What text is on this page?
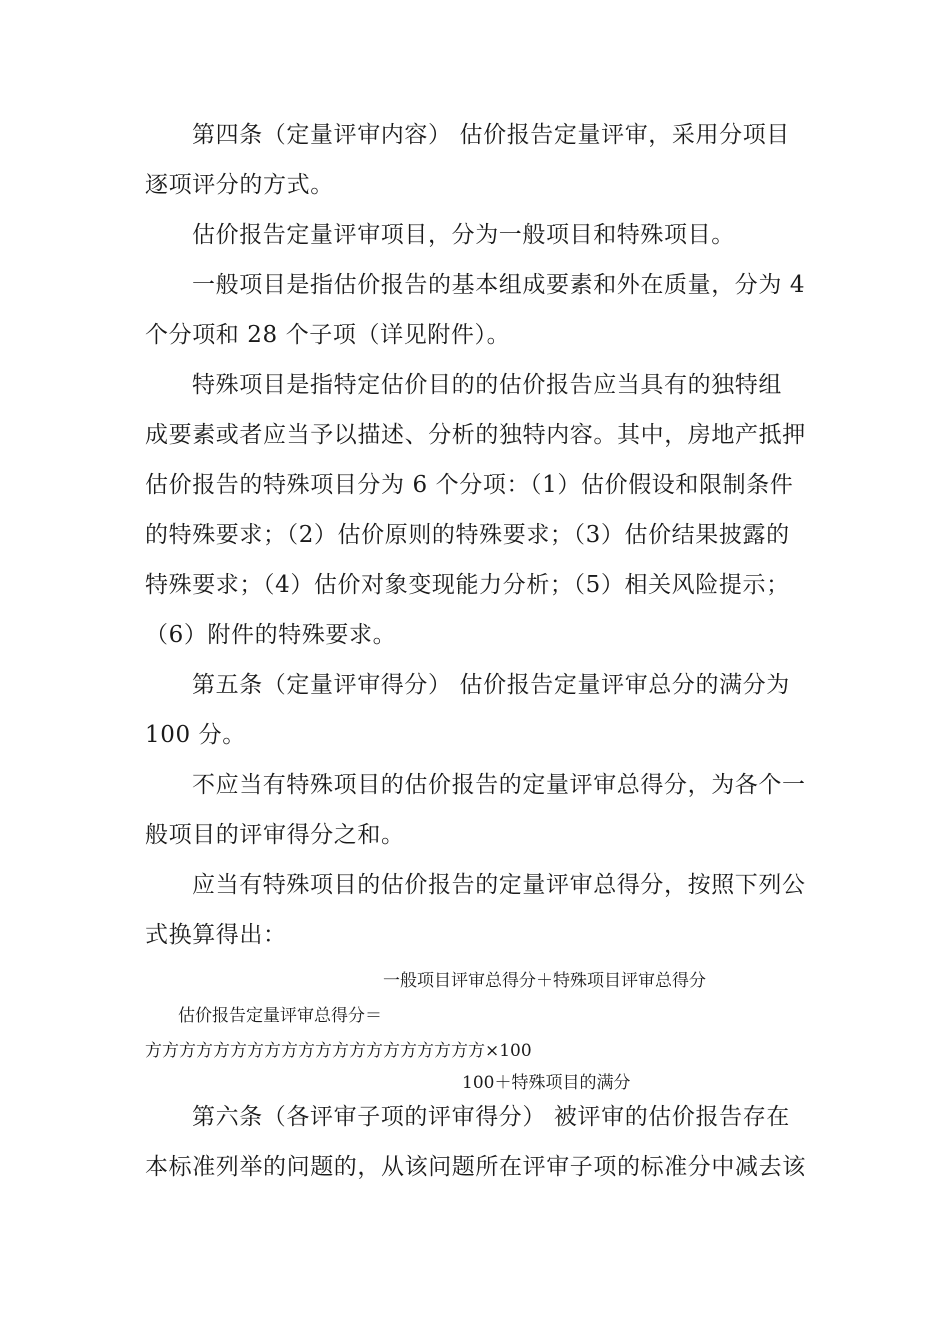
第四条（定量评审内容） 估价报告定量评审，采用分项目
逐项评分的方式。
估价报告定量评审项目，分为一般项目和特殊项目。
一般项目是指估价报告的基本组成要素和外在质量，分为 4
个分项和 28 个子项（详见附件）。
特殊项目是指特定估价目的的估价报告应当具有的独特组
成要素或者应当予以描述、分析的独特内容。其中，房地产抵押
估价报告的特殊项目分为 6 个分项：（1）估价假设和限制条件
的特殊要求；（2）估价原则的特殊要求；（3）估价结果披露的
特殊要求；（4）估价对象变现能力分析；（5）相关风险提示；
（6）附件的特殊要求。
第五条（定量评审得分） 估价报告定量评审总分的满分为
100 分。
不应当有特殊项目的估价报告的定量评审总得分，为各个一
般项目的评审得分之和。
应当有特殊项目的估价报告的定量评审总得分，按照下列公
式换算得出：
一般项目评审总得分＋特殊项目评审总得分
估价报告定量评审总得分＝
方方方方方方方方方方方方方方方方方方方方×100
100＋特殊项目的满分
第六条（各评审子项的评审得分） 被评审的估价报告存在
本标准列举的问题的，从该问题所在评审子项的标准分中减去该
